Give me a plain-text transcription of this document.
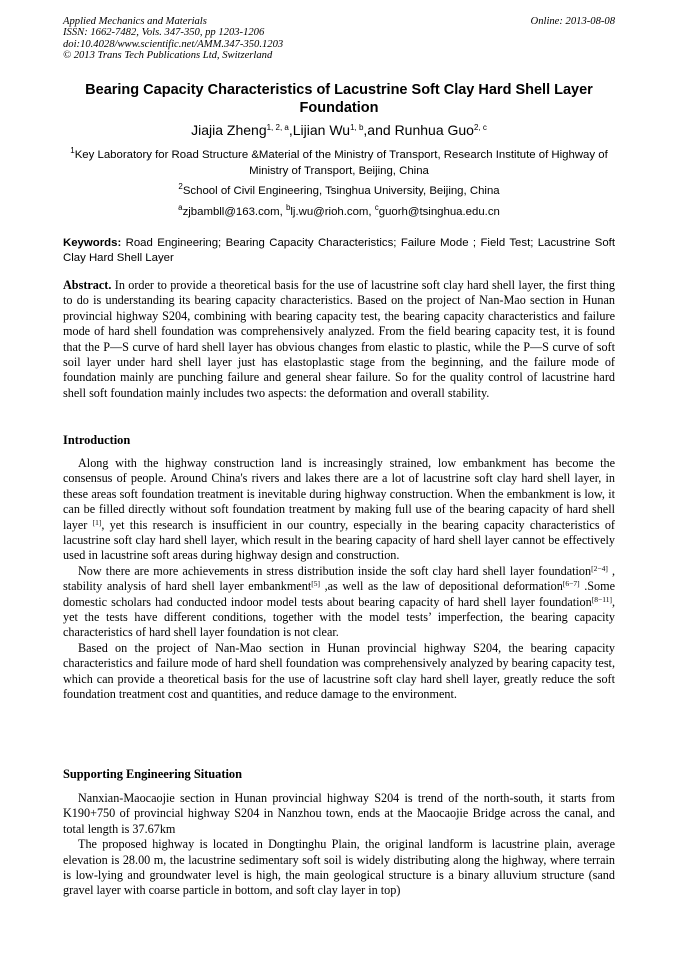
Applied Mechanics and Materials
ISSN: 1662-7482, Vols. 347-350, pp 1203-1206
doi:10.4028/www.scientific.net/AMM.347-350.1203
© 2013 Trans Tech Publications Ltd, Switzerland
Online: 2013-08-08
Bearing Capacity Characteristics of Lacustrine Soft Clay Hard Shell Layer Foundation
Jiajia Zheng$^{1, 2, a}$,Lijian Wu$^{1, b}$,and Runhua Guo$^{2, c}$
$^1$Key Laboratory for Road Structure &Material of the Ministry of Transport, Research Institute of Highway of Ministry of Transport, Beijing, China
$^2$School of Civil Engineering, Tsinghua University, Beijing, China
$^a$zjbambll@163.com, $^b$lj.wu@rioh.com, $^c$guorh@tsinghua.edu.cn
Keywords: Road Engineering; Bearing Capacity Characteristics; Failure Mode ; Field Test; Lacustrine Soft Clay Hard Shell Layer
Abstract. In order to provide a theoretical basis for the use of lacustrine soft clay hard shell layer, the first thing to do is understanding its bearing capacity characteristics. Based on the project of Nan-Mao section in Hunan provincial highway S204, combining with bearing capacity test, the bearing capacity characteristics and failure mode of hard shell foundation was comprehensively analyzed. From the field bearing capacity test, it is found that the P—S curve of hard shell layer has obvious changes from elastic to plastic, while the P—S curve of soft soil layer under hard shell layer just has elastoplastic stage from the beginning, and the failure mode of foundation mainly are punching failure and general shear failure. So for the quality control of lacustrine hard shell soft foundation mainly includes two aspects: the deformation and overall stability.
Introduction

Along with the highway construction land is increasingly strained, low embankment has become the consensus of people. Around China's rivers and lakes there are a lot of lacustrine soft clay hard shell layer, in these areas soft foundation treatment is inevitable during highway construction. When the embankment is low, it can be filled directly without soft foundation treatment by making full use of the bearing capacity of hard shell layer [1], yet this research is insufficient in our country, especially in the bearing capacity characteristics of lacustrine soft clay hard shell layer, which result in the bearing capacity of hard shell layer cannot be effectively used in lacustrine soft areas during highway design and construction.

Now there are more achievements in stress distribution inside the soft clay hard shell layer foundation[2−4] , stability analysis of hard shell layer embankment[5] ,as well as the law of depositional deformation[6−7] .Some domestic scholars had conducted indoor model tests about bearing capacity of hard shell layer foundation[8−11], yet the tests have different conditions, together with the model tests’ imperfection, the bearing capacity characteristics of hard shell layer foundation is not clear.

Based on the project of Nan-Mao section in Hunan provincial highway S204, the bearing capacity characteristics and failure mode of hard shell foundation was comprehensively analyzed by bearing capacity test, which can provide a theoretical basis for the use of lacustrine soft clay hard shell layer, greatly reduce the soft foundation treatment cost and quantities, and reduce damage to the environment.

Supporting Engineering Situation

Nanxian-Maocaojie section in Hunan provincial highway S204 is trend of the north-south, it starts from K190+750 of provincial highway S204 in Nanzhou town, ends at the Maocaojie Bridge across the canal, and total length is 37.67km

The proposed highway is located in Dongtinghu Plain, the original landform is lacustrine plain, average elevation is 28.00 m, the lacustrine sedimentary soft soil is widely distributing along the highway, where terrain is low-lying and groundwater level is high, the main geological structure is a binary alluvium structure (sand gravel layer with coarse particle in bottom, and soft clay layer in top)
